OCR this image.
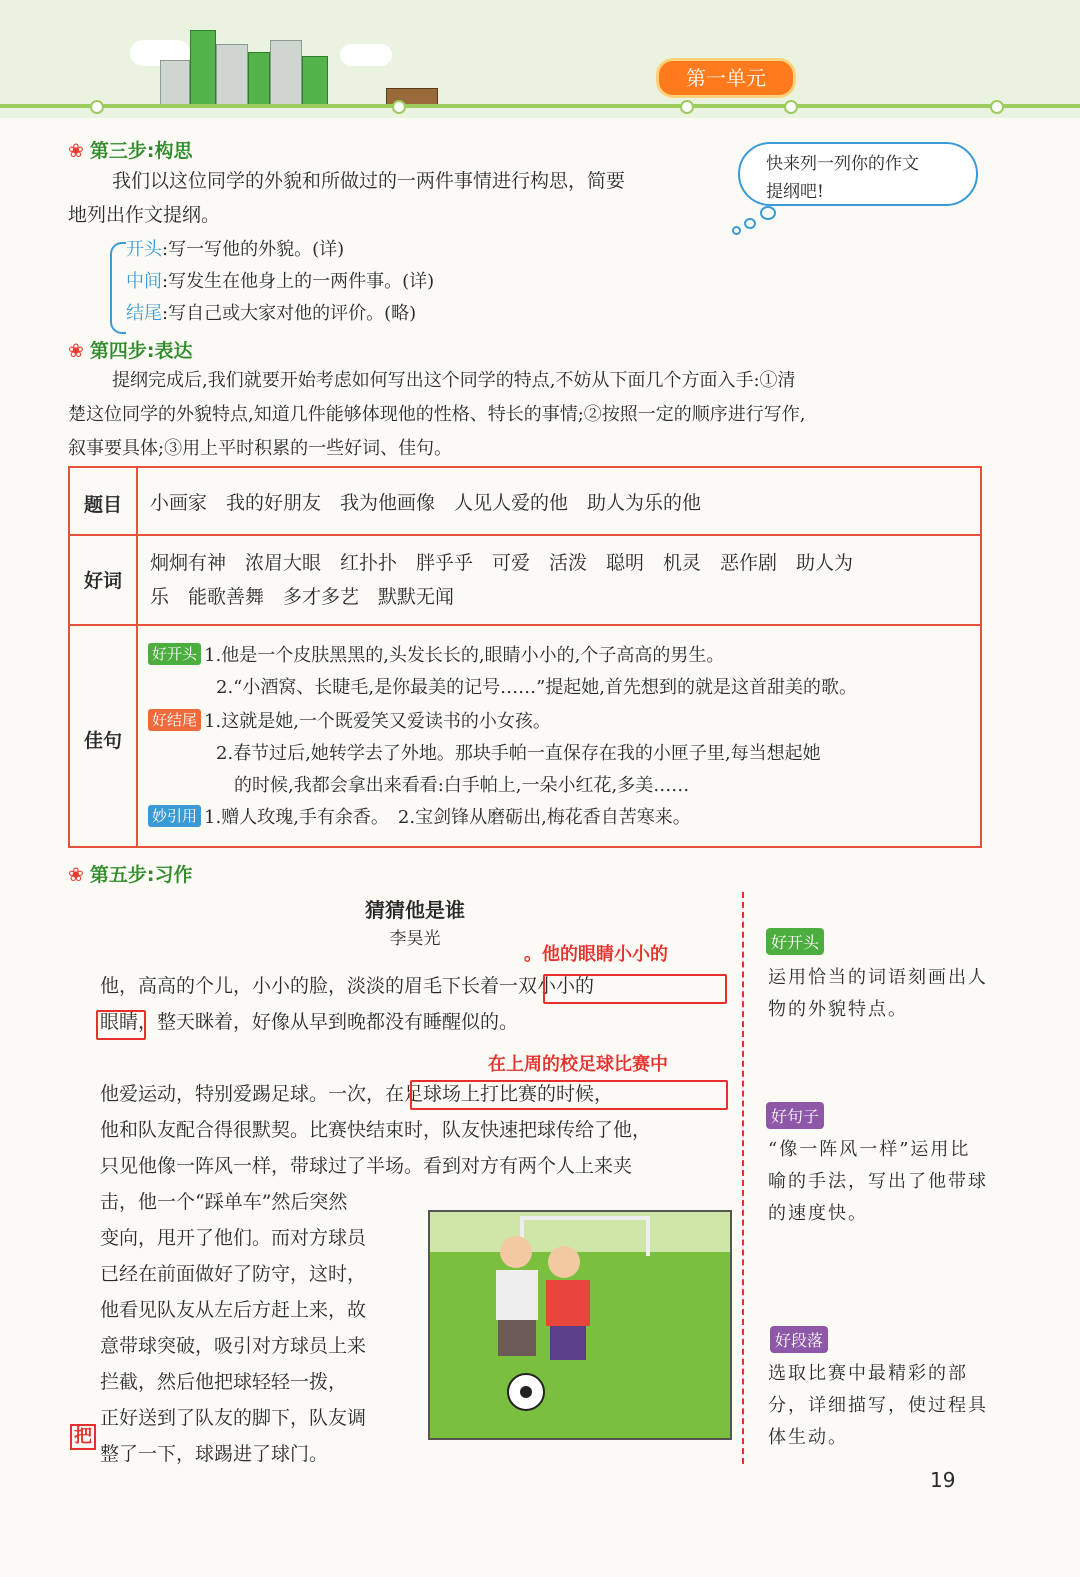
第一单元
❀ 第三步:构思
我们以这位同学的外貌和所做过的一两件事情进行构思，简要
地列出作文提纲。
快来列一列你的作文
提纲吧!
开头:写一写他的外貌。(详)
中间:写发生在他身上的一两件事。(详)
结尾:写自己或大家对他的评价。(略)
❀ 第四步:表达
提纲完成后,我们就要开始考虑如何写出这个同学的特点,不妨从下面几个方面入手:①清
楚这位同学的外貌特点,知道几件能够体现他的性格、特长的事情;②按照一定的顺序进行写作,
叙事要具体;③用上平时积累的一些好词、佳句。
题目	小画家　我的好朋友　我为他画像　人见人爱的他　助人为乐的他
好词
炯炯有神　浓眉大眼　红扑扑　胖乎乎　可爱　活泼　聪明　机灵　恶作剧　助人为
乐　能歌善舞　多才多艺　默默无闻
佳句
好开头 1.他是一个皮肤黑黑的,头发长长的,眼睛小小的,个子高高的男生。
2.“小酒窝、长睫毛,是你最美的记号……”提起她,首先想到的就是这首甜美的歌。
好结尾 1.这就是她,一个既爱笑又爱读书的小女孩。
2.春节过后,她转学去了外地。那块手帕一直保存在我的小匣子里,每当想起她
的时候,我都会拿出来看看:白手帕上,一朵小红花,多美……
妙引用 1.赠人玫瑰,手有余香。　2.宝剑锋从磨砺出,梅花香自苦寒来。
❀ 第五步:习作
猜猜他是谁
李昊光
。他的眼睛小小的
他，高高的个儿，小小的脸，淡淡的眉毛下长着一双小小的
眼睛，整天眯着，好像从早到晚都没有睡醒似的。
在上周的校足球比赛中
他爱运动，特别爱踢足球。一次，在足球场上打比赛的时候，
他和队友配合得很默契。比赛快结束时，队友快速把球传给了他，
只见他像一阵风一样，带球过了半场。看到对方有两个人上来夹
击，他一个“踩单车”然后突然
变向，甩开了他们。而对方球员
已经在前面做好了防守，这时，
他看见队友从左后方赶上来，故
意带球突破，吸引对方球员上来
拦截，然后他把球轻轻一拨，
正好送到了队友的脚下，队友调
整了一下，球踢进了球门。
把
好开头
运用恰当的词语刻画出人物的外貌特点。
好句子
“像一阵风一样”运用比喻的手法，写出了他带球的速度快。
好段落
选取比赛中最精彩的部分，详细描写，使过程具体生动。
19
